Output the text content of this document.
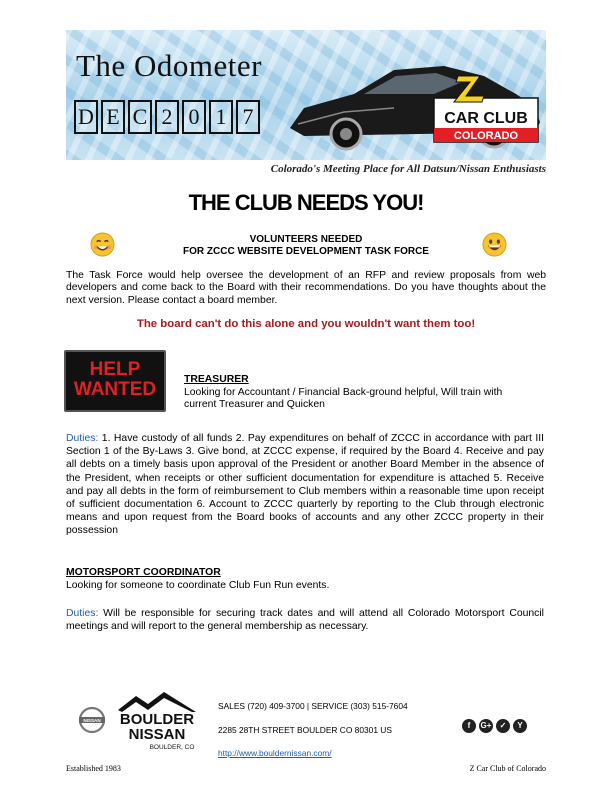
The Odometer
D E C 2 0 1 7	CAR CLUB
COLORADO
Colorado's Meeting Place for All Datsun/Nissan Enthusiasts
THE CLUB NEEDS YOU!
VOLUNTEERS NEEDED
FOR ZCCC WEBSITE DEVELOPMENT TASK FORCE
The Task Force would help oversee the development of an RFP and review proposals from web developers and come back to the Board with their recommendations. Do you have thoughts about the next version. Please contact a board member.
The board can't do this alone and you wouldn't want them too!
HELP
WANTED	TREASURER
Looking for Accountant / Financial Back-ground helpful, Will train with current Treasurer and Quicken
Duties: 1. Have custody of all funds 2. Pay expenditures on behalf of ZCCC in accordance with part III Section 1 of the By-Laws 3. Give bond, at ZCCC expense, if required by the Board 4. Receive and pay all debts on a timely basis upon approval of the President or another Board Member in the absence of the President, when receipts or other sufficient documentation for expenditure is attached 5. Receive and pay all debts in the form of reimbursement to Club members within a reasonable time upon receipt of sufficient documentation 6. Account to ZCCC quarterly by reporting to the Club through electronic means and upon request from the Board books of accounts and any other ZCCC property in their possession
MOTORSPORT COORDINATOR
Looking for someone to coordinate Club Fun Run events.
Duties: Will be responsible for securing track dates and will attend all Colorado Motorsport Council meetings and will report to the general membership as necessary.
NISSAN BOULDER
NISSAN
BOULDER, CO
SALES (720) 409-3700 | SERVICE (303) 515-7604
2285 28TH STREET BOULDER CO 80301 US
http://www.bouldernissan.com/
f	G+	✓	Y
Established 1983	Z Car Club of Colorado
